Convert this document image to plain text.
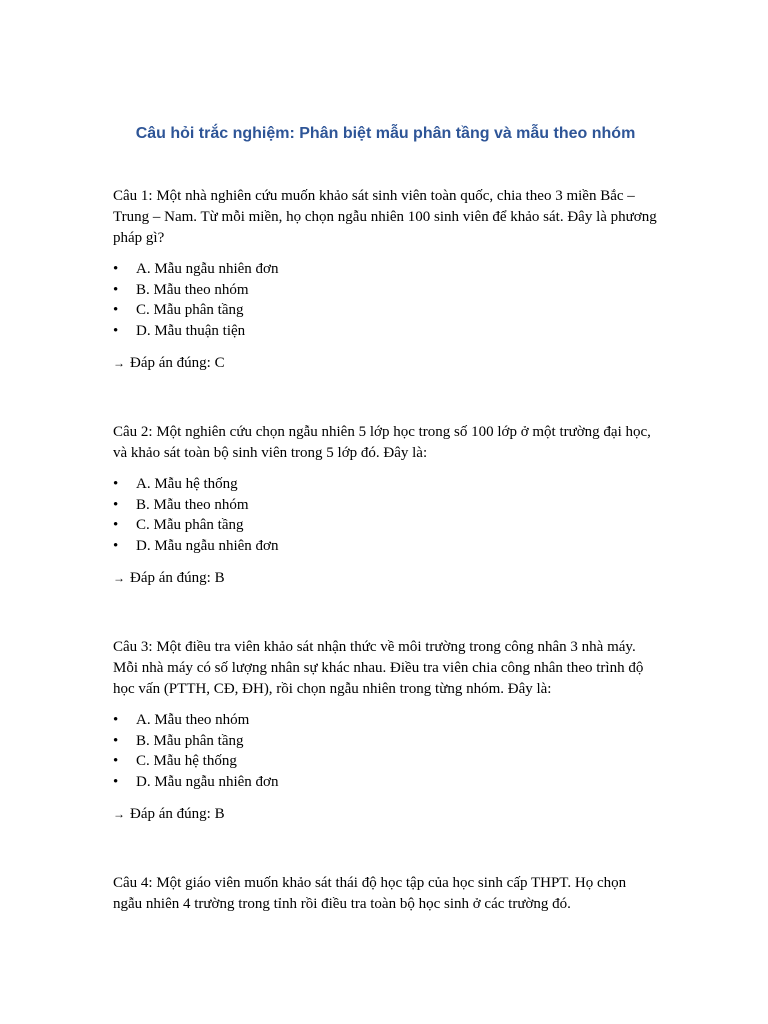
Câu hỏi trắc nghiệm: Phân biệt mẫu phân tầng và mẫu theo nhóm

Câu 1: Một nhà nghiên cứu muốn khảo sát sinh viên toàn quốc, chia theo 3 miền Bắc – Trung – Nam. Từ mỗi miền, họ chọn ngẫu nhiên 100 sinh viên để khảo sát. Đây là phương pháp gì?

• A. Mẫu ngẫu nhiên đơn
• B. Mẫu theo nhóm
• C. Mẫu phân tầng
• D. Mẫu thuận tiện

→ Đáp án đúng: C

Câu 2: Một nghiên cứu chọn ngẫu nhiên 5 lớp học trong số 100 lớp ở một trường đại học, và khảo sát toàn bộ sinh viên trong 5 lớp đó. Đây là:

• A. Mẫu hệ thống
• B. Mẫu theo nhóm
• C. Mẫu phân tầng
• D. Mẫu ngẫu nhiên đơn

→ Đáp án đúng: B

Câu 3: Một điều tra viên khảo sát nhận thức về môi trường trong công nhân 3 nhà máy. Mỗi nhà máy có số lượng nhân sự khác nhau. Điều tra viên chia công nhân theo trình độ học vấn (PTTH, CĐ, ĐH), rồi chọn ngẫu nhiên trong từng nhóm. Đây là:

• A. Mẫu theo nhóm
• B. Mẫu phân tầng
• C. Mẫu hệ thống
• D. Mẫu ngẫu nhiên đơn

→ Đáp án đúng: B

Câu 4: Một giáo viên muốn khảo sát thái độ học tập của học sinh cấp THPT. Họ chọn ngẫu nhiên 4 trường trong tỉnh rồi điều tra toàn bộ học sinh ở các trường đó.
